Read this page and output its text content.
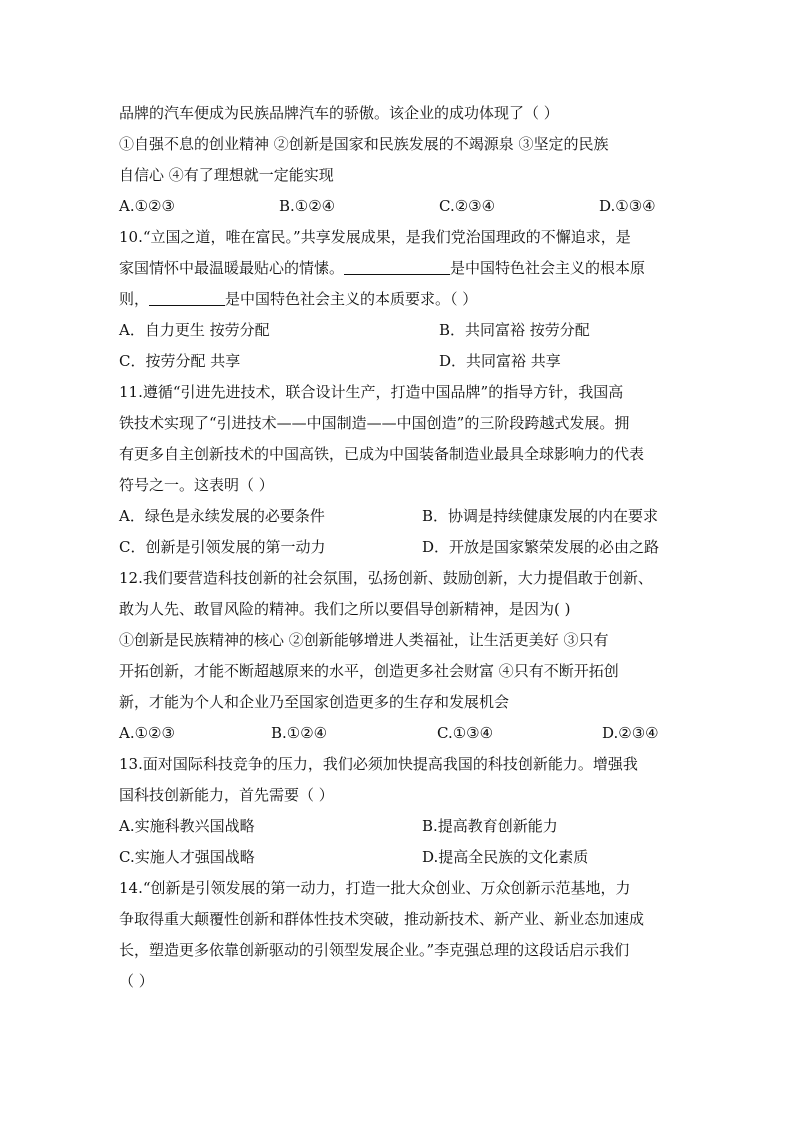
品牌的汽车便成为民族品牌汽车的骄傲。该企业的成功体现了（ ）
①自强不息的创业精神 ②创新是国家和民族发展的不竭源泉 ③坚定的民族
自信心 ④有了理想就一定能实现
A.①②③	B.①②④	C.②③④	D.①③④
10.“立国之道，唯在富民。”共享发展成果，是我们党治国理政的不懈追求，是
家国情怀中最温暖最贴心的情愫。	是中国特色社会主义的根本原
则，	是中国特色社会主义的本质要求。（ ）
A．自力更生 按劳分配	B．共同富裕 按劳分配
C．按劳分配 共享	D．共同富裕 共享
11.遵循“引进先进技术，联合设计生产，打造中国品牌”的指导方针，我国高
铁技术实现了“引进技术——中国制造——中国创造”的三阶段跨越式发展。拥
有更多自主创新技术的中国高铁，已成为中国装备制造业最具全球影响力的代表
符号之一。这表明（ ）
A．绿色是永续发展的必要条件	B．协调是持续健康发展的内在要求
C．创新是引领发展的第一动力	D．开放是国家繁荣发展的必由之路
12.我们要营造科技创新的社会氛围，弘扬创新、鼓励创新，大力提倡敢于创新、
敢为人先、敢冒风险的精神。我们之所以要倡导创新精神，是因为( )
①创新是民族精神的核心 ②创新能够增进人类福祉，让生活更美好 ③只有
开拓创新，才能不断超越原来的水平，创造更多社会财富 ④只有不断开拓创
新，才能为个人和企业乃至国家创造更多的生存和发展机会
A.①②③	B.①②④	C.①③④	D.②③④
13.面对国际科技竞争的压力，我们必须加快提高我国的科技创新能力。增强我
国科技创新能力，首先需要（ ）
A.实施科教兴国战略	B.提高教育创新能力
C.实施人才强国战略	D.提高全民族的文化素质
14.“创新是引领发展的第一动力，打造一批大众创业、万众创新示范基地，力
争取得重大颠覆性创新和群体性技术突破，推动新技术、新产业、新业态加速成
长，塑造更多依靠创新驱动的引领型发展企业。”李克强总理的这段话启示我们
（ ）
